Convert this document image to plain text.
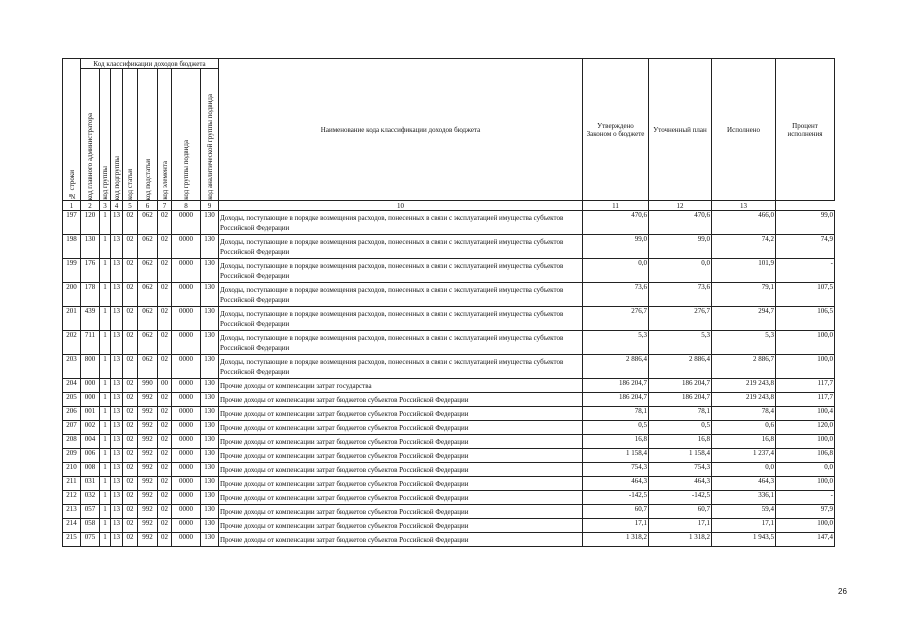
№ строки	Код классификации доходов бюджета								Наименование кода классификации доходов бюджета	Утверждено Законом о бюджете	Уточненный план	Исполнено	Процент исполнения

	код главного администратора	код группы	код подгруппы	код статьи	код подстатьи	код элемента	код группы подвида	код аналитической группы подвида					

1	2	3	4	5	6	7	8	9	10	11	12	13	
197	120	1	13	02	062	02	0000	130	Доходы, поступающие в порядке возмещения расходов, понесенных в связи с эксплуатацией имущества субъектов Российской Федерации	470,6	470,6	466,0	99,0
198	130	1	13	02	062	02	0000	130	Доходы, поступающие в порядке возмещения расходов, понесенных в связи с эксплуатацией имущества субъектов Российской Федерации	99,0	99,0	74,2	74,9
199	176	1	13	02	062	02	0000	130	Доходы, поступающие в порядке возмещения расходов, понесенных в связи с эксплуатацией имущества субъектов Российской Федерации	0,0	0,0	101,9	-
200	178	1	13	02	062	02	0000	130	Доходы, поступающие в порядке возмещения расходов, понесенных в связи с эксплуатацией имущества субъектов Российской Федерации	73,6	73,6	79,1	107,5
201	439	1	13	02	062	02	0000	130	Доходы, поступающие в порядке возмещения расходов, понесенных в связи с эксплуатацией имущества субъектов Российской Федерации	276,7	276,7	294,7	106,5
202	711	1	13	02	062	02	0000	130	Доходы, поступающие в порядке возмещения расходов, понесенных в связи с эксплуатацией имущества субъектов Российской Федерации	5,3	5,3	5,3	100,0
203	800	1	13	02	062	02	0000	130	Доходы, поступающие в порядке возмещения расходов, понесенных в связи с эксплуатацией имущества субъектов Российской Федерации	2 886,4	2 886,4	2 886,7	100,0
204	000	1	13	02	990	00	0000	130	Прочие доходы от компенсации затрат государства	186 204,7	186 204,7	219 243,8	117,7
205	000	1	13	02	992	02	0000	130	Прочие доходы от компенсации затрат бюджетов субъектов Российской Федерации	186 204,7	186 204,7	219 243,8	117,7
206	001	1	13	02	992	02	0000	130	Прочие доходы от компенсации затрат бюджетов субъектов Российской Федерации	78,1	78,1	78,4	100,4
207	002	1	13	02	992	02	0000	130	Прочие доходы от компенсации затрат бюджетов субъектов Российской Федерации	0,5	0,5	0,6	120,0
208	004	1	13	02	992	02	0000	130	Прочие доходы от компенсации затрат бюджетов субъектов Российской Федерации	16,8	16,8	16,8	100,0
209	006	1	13	02	992	02	0000	130	Прочие доходы от компенсации затрат бюджетов субъектов Российской Федерации	1 158,4	1 158,4	1 237,4	106,8
210	008	1	13	02	992	02	0000	130	Прочие доходы от компенсации затрат бюджетов субъектов Российской Федерации	754,3	754,3	0,0	0,0
211	031	1	13	02	992	02	0000	130	Прочие доходы от компенсации затрат бюджетов субъектов Российской Федерации	464,3	464,3	464,3	100,0
212	032	1	13	02	992	02	0000	130	Прочие доходы от компенсации затрат бюджетов субъектов Российской Федерации	-142,5	-142,5	336,1	-
213	057	1	13	02	992	02	0000	130	Прочие доходы от компенсации затрат бюджетов субъектов Российской Федерации	60,7	60,7	59,4	97,9
214	058	1	13	02	992	02	0000	130	Прочие доходы от компенсации затрат бюджетов субъектов Российской Федерации	17,1	17,1	17,1	100,0
215	075	1	13	02	992	02	0000	130	Прочие доходы от компенсации затрат бюджетов субъектов Российской Федерации	1 318,2	1 318,2	1 943,5	147,4
26
